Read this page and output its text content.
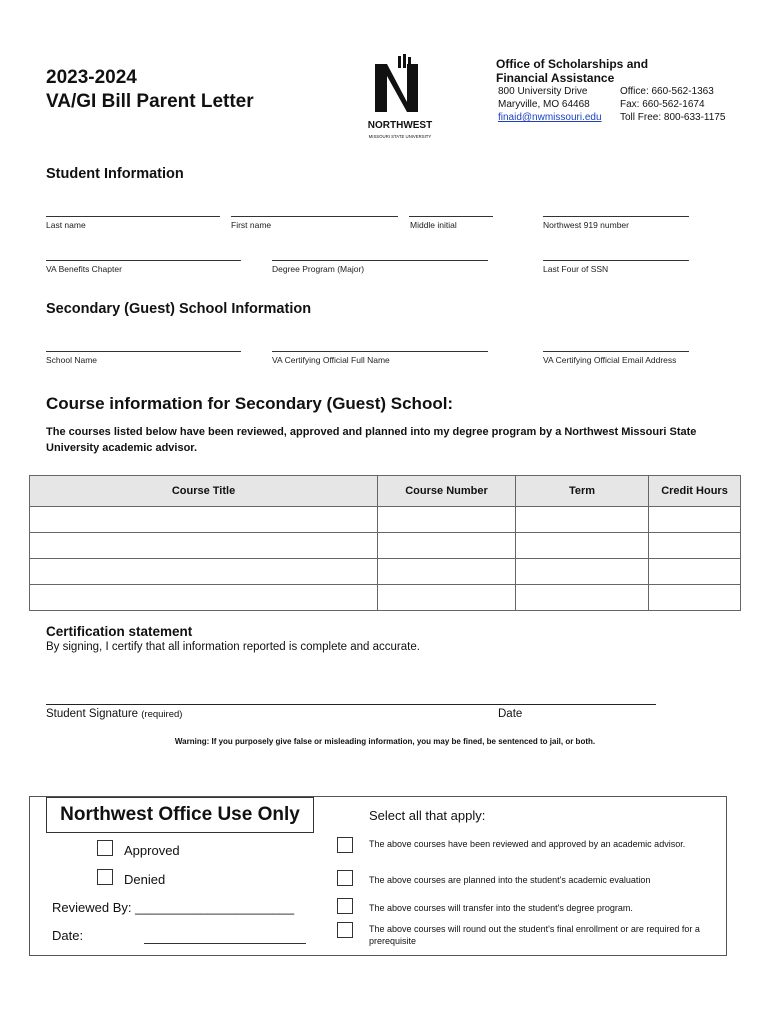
2023-2024
VA/GI Bill Parent Letter
NORTHWEST
MISSOURI STATE UNIVERSITY
Office of Scholarships and
Financial Assistance
800 University Drive
Maryville, MO 64468
finaid@nwmissouri.edu
Office: 660-562-1363
Fax: 660-562-1674
Toll Free: 800-633-1175
Student Information
Last name	First name	Middle initial	Northwest 919 number
VA Benefits Chapter	Degree Program (Major)	Last Four of SSN
Secondary (Guest) School Information
School Name	VA Certifying Official Full Name	VA Certifying Official Email Address
Course information for Secondary (Guest) School:
The courses listed below have been reviewed, approved and planned into my degree program by a Northwest Missouri State University academic advisor.
Course Title	Course Number	Term	Credit Hours

Certification statement
By signing, I certify that all information reported is complete and accurate.
Student Signature (required)	Date
Warning: If you purposely give false or misleading information, you may be fined, be sentenced to jail, or both.
Northwest Office Use Only
Approved
Denied
Reviewed By: ______________________
Date:
Select all that apply:
The above courses have been reviewed and approved by an academic advisor.
The above courses are planned into the student's academic evaluation
The above courses will transfer into the student's degree program.
The above courses will round out the student's final enrollment or are required for a prerequisite
